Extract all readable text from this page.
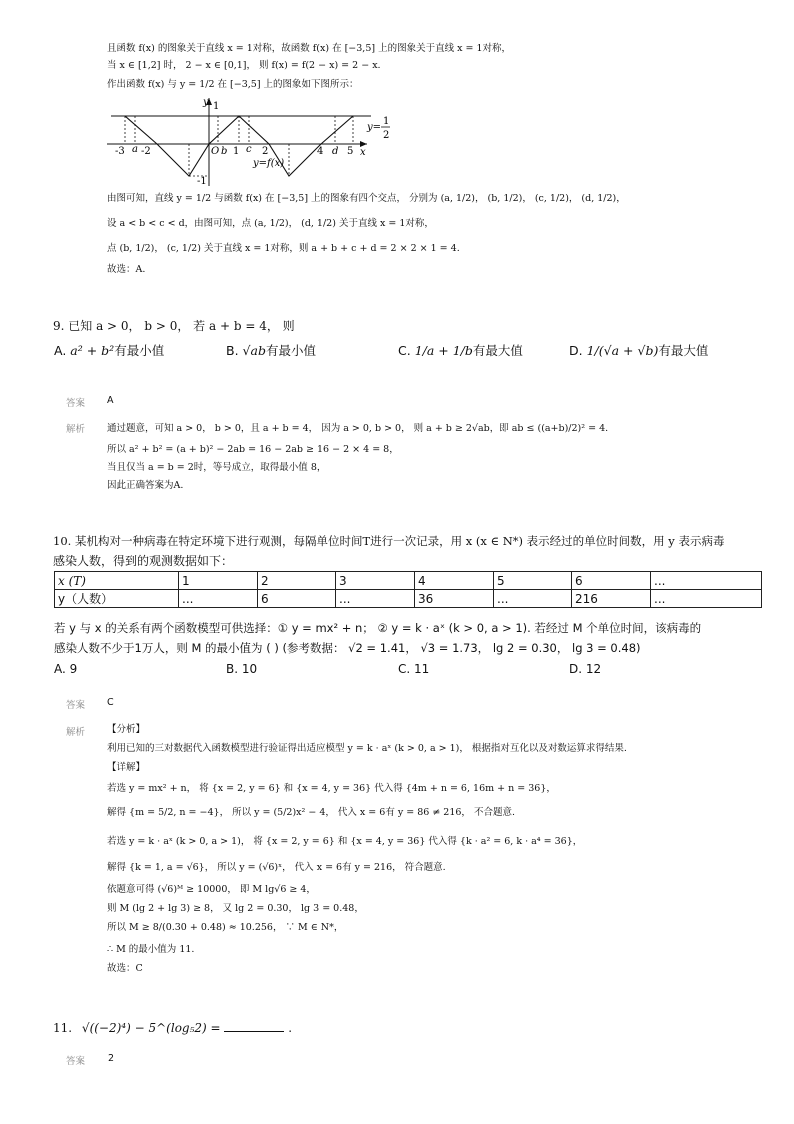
且函数 f(x) 的图象关于直线 x = 1对称，故函数 f(x) 在 [−3,5] 上的图象关于直线 x = 1对称，
当 x ∈ [1,2] 时， 2 − x ∈ [0,1]， 则 f(x) = f(2 − x) = 2 − x.
作出函数 f(x) 与 y = 1/2 在 [−3,5] 上的图象如下图所示：
y 1
-1
x
O
-3 a -2	b 1 c 2	4 d 5
y=f(x)
y=
1
2
由图可知，直线 y = 1/2 与函数 f(x) 在 [−3,5] 上的图象有四个交点， 分别为 (a, 1/2)， (b, 1/2)， (c, 1/2)， (d, 1/2)，
设 a < b < c < d，由图可知，点 (a, 1/2)， (d, 1/2) 关于直线 x = 1对称，
点 (b, 1/2)， (c, 1/2) 关于直线 x = 1对称，则 a + b + c + d = 2 × 2 × 1 = 4.
故选：A.
9. 已知 a > 0， b > 0， 若 a + b = 4， 则
A. a² + b²有最小值	B. √ab有最小值	C. 1/a + 1/b有最大值	D. 1/(√a + √b)有最大值
答案 A
解析 通过题意，可知 a > 0， b > 0，且 a + b = 4， 因为 a > 0, b > 0， 则 a + b ≥ 2√ab，即 ab ≤ ((a+b)/2)² = 4.
所以 a² + b² = (a + b)² − 2ab = 16 − 2ab ≥ 16 − 2 × 4 = 8，
当且仅当 a = b = 2时，等号成立，取得最小值 8，
因此正确答案为A.
10. 某机构对一种病毒在特定环境下进行观测，每隔单位时间T进行一次记录，用 x (x ∈ N*) 表示经过的单位时间数，用 y 表示病毒
感染人数，得到的观测数据如下：
x (T)	1	2	3	4	5	6	...
y（人数）	...	6	...	36	...	216	...
若 y 与 x 的关系有两个函数模型可供选择：① y = mx² + n； ② y = k · aˣ (k > 0, a > 1). 若经过 M 个单位时间，该病毒的
感染人数不少于1万人，则 M 的最小值为 ( ) (参考数据： √2 = 1.41， √3 = 1.73， lg 2 = 0.30， lg 3 = 0.48)
A. 9	B. 10	C. 11	D. 12
答案 C
解析 【分析】
利用已知的三对数据代入函数模型进行验证得出适应模型 y = k · aˣ (k > 0, a > 1)， 根据指对互化以及对数运算求得结果.
【详解】
若选 y = mx² + n， 将 {x = 2, y = 6} 和 {x = 4, y = 36} 代入得 {4m + n = 6, 16m + n = 36}，
解得 {m = 5/2, n = −4}， 所以 y = (5/2)x² − 4， 代入 x = 6有 y = 86 ≠ 216， 不合题意.
若选 y = k · aˣ (k > 0, a > 1)， 将 {x = 2, y = 6} 和 {x = 4, y = 36} 代入得 {k · a² = 6, k · a⁴ = 36}，
解得 {k = 1, a = √6}， 所以 y = (√6)ˣ， 代入 x = 6有 y = 216， 符合题意.
依题意可得 (√6)ᴹ ≥ 10000， 即 M lg√6 ≥ 4，
则 M (lg 2 + lg 3) ≥ 8， 又 lg 2 = 0.30， lg 3 = 0.48，
所以 M ≥ 8/(0.30 + 0.48) ≈ 10.256， ∵ M ∈ N*，
∴ M 的最小值为 11.
故选：C
11. √((−2)⁴) − 5^(log₅2) =	.
答案 2
